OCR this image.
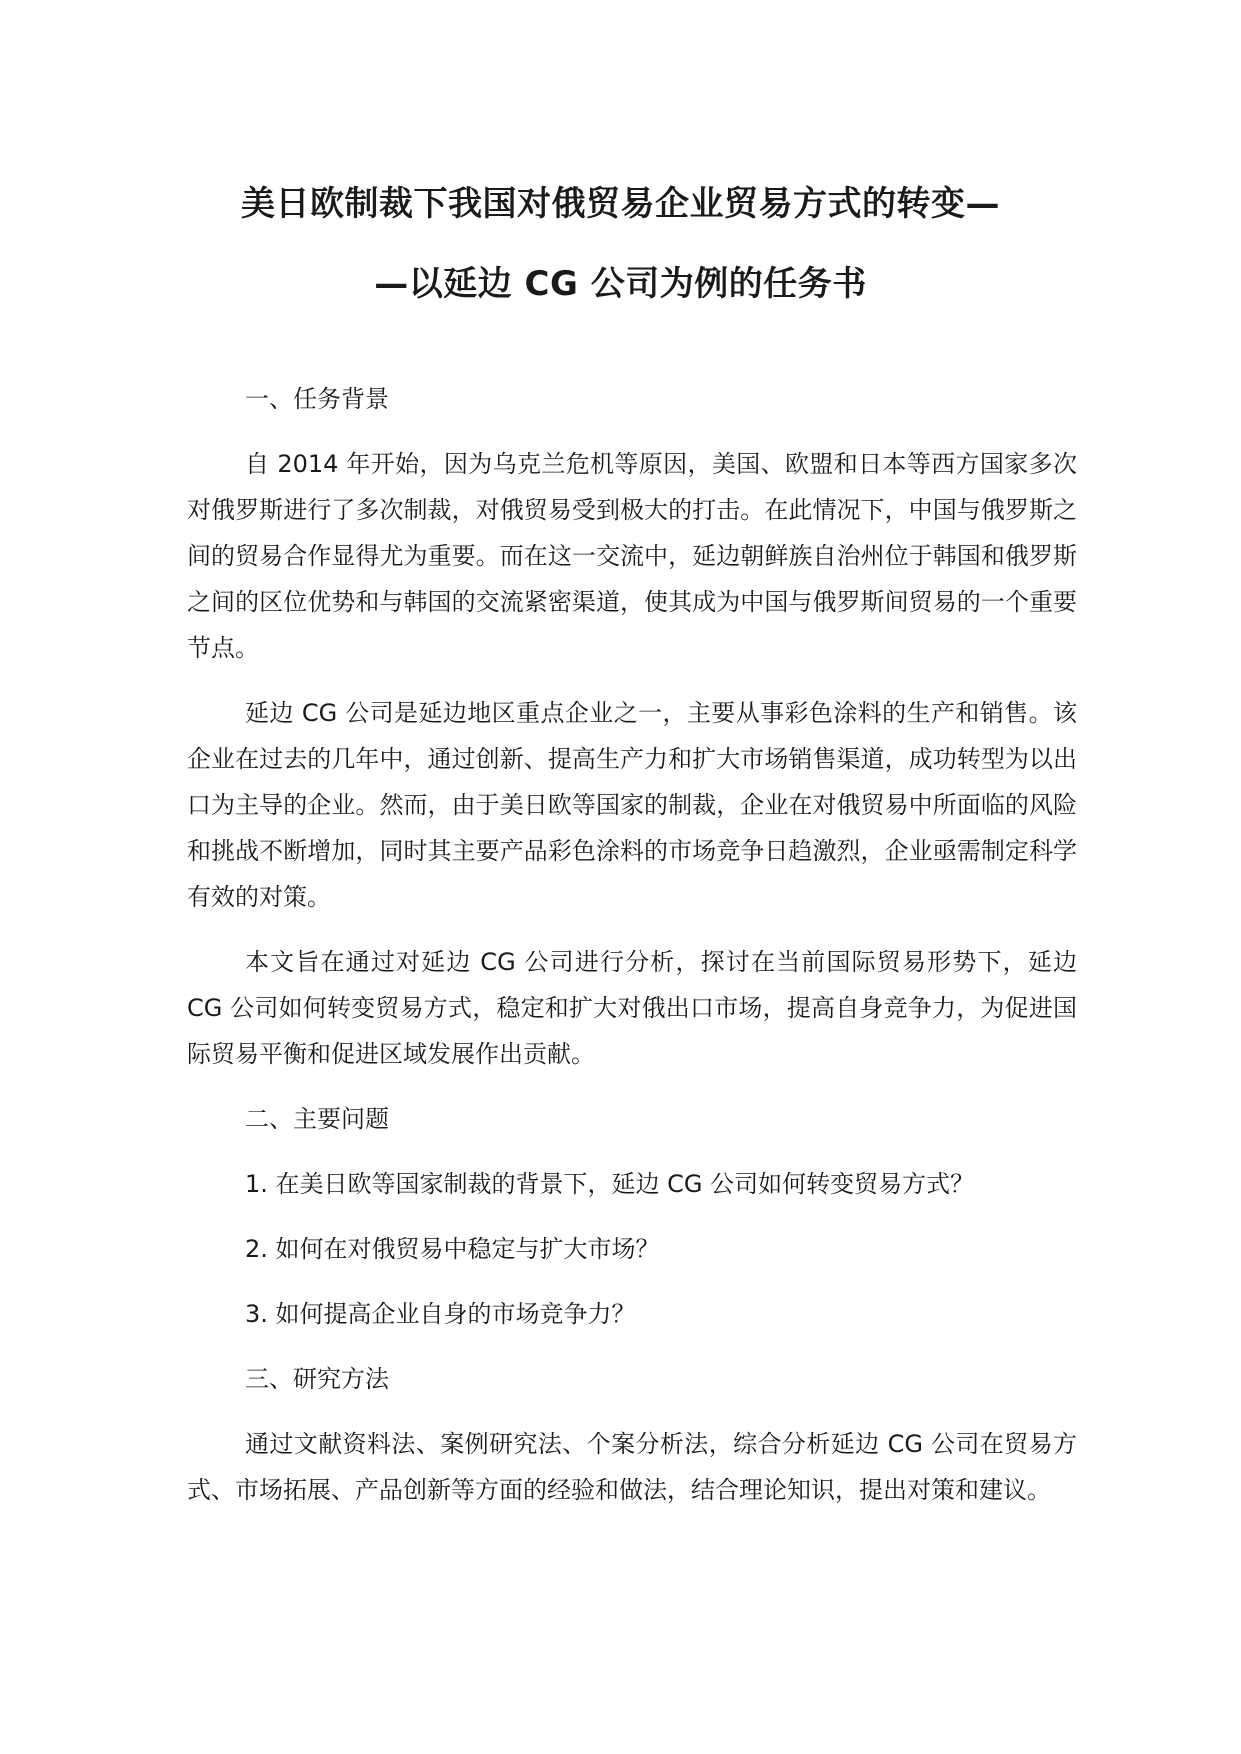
美日欧制裁下我国对俄贸易企业贸易方式的转变—
—以延边 CG 公司为例的任务书
一、任务背景

自 2014 年开始，因为乌克兰危机等原因，美国、欧盟和日本等西方国家多次对俄罗斯进行了多次制裁，对俄贸易受到极大的打击。在此情况下，中国与俄罗斯之间的贸易合作显得尤为重要。而在这一交流中，延边朝鲜族自治州位于韩国和俄罗斯之间的区位优势和与韩国的交流紧密渠道，使其成为中国与俄罗斯间贸易的一个重要节点。

延边 CG 公司是延边地区重点企业之一，主要从事彩色涂料的生产和销售。该企业在过去的几年中，通过创新、提高生产力和扩大市场销售渠道，成功转型为以出口为主导的企业。然而，由于美日欧等国家的制裁，企业在对俄贸易中所面临的风险和挑战不断增加，同时其主要产品彩色涂料的市场竞争日趋激烈，企业亟需制定科学有效的对策。

本文旨在通过对延边 CG 公司进行分析，探讨在当前国际贸易形势下，延边 CG 公司如何转变贸易方式，稳定和扩大对俄出口市场，提高自身竞争力，为促进国际贸易平衡和促进区域发展作出贡献。

二、主要问题
1. 在美日欧等国家制裁的背景下，延边 CG 公司如何转变贸易方式？
2. 如何在对俄贸易中稳定与扩大市场？
3. 如何提高企业自身的市场竞争力？
三、研究方法

通过文献资料法、案例研究法、个案分析法，综合分析延边 CG 公司在贸易方式、市场拓展、产品创新等方面的经验和做法，结合理论知识，提出对策和建议。
